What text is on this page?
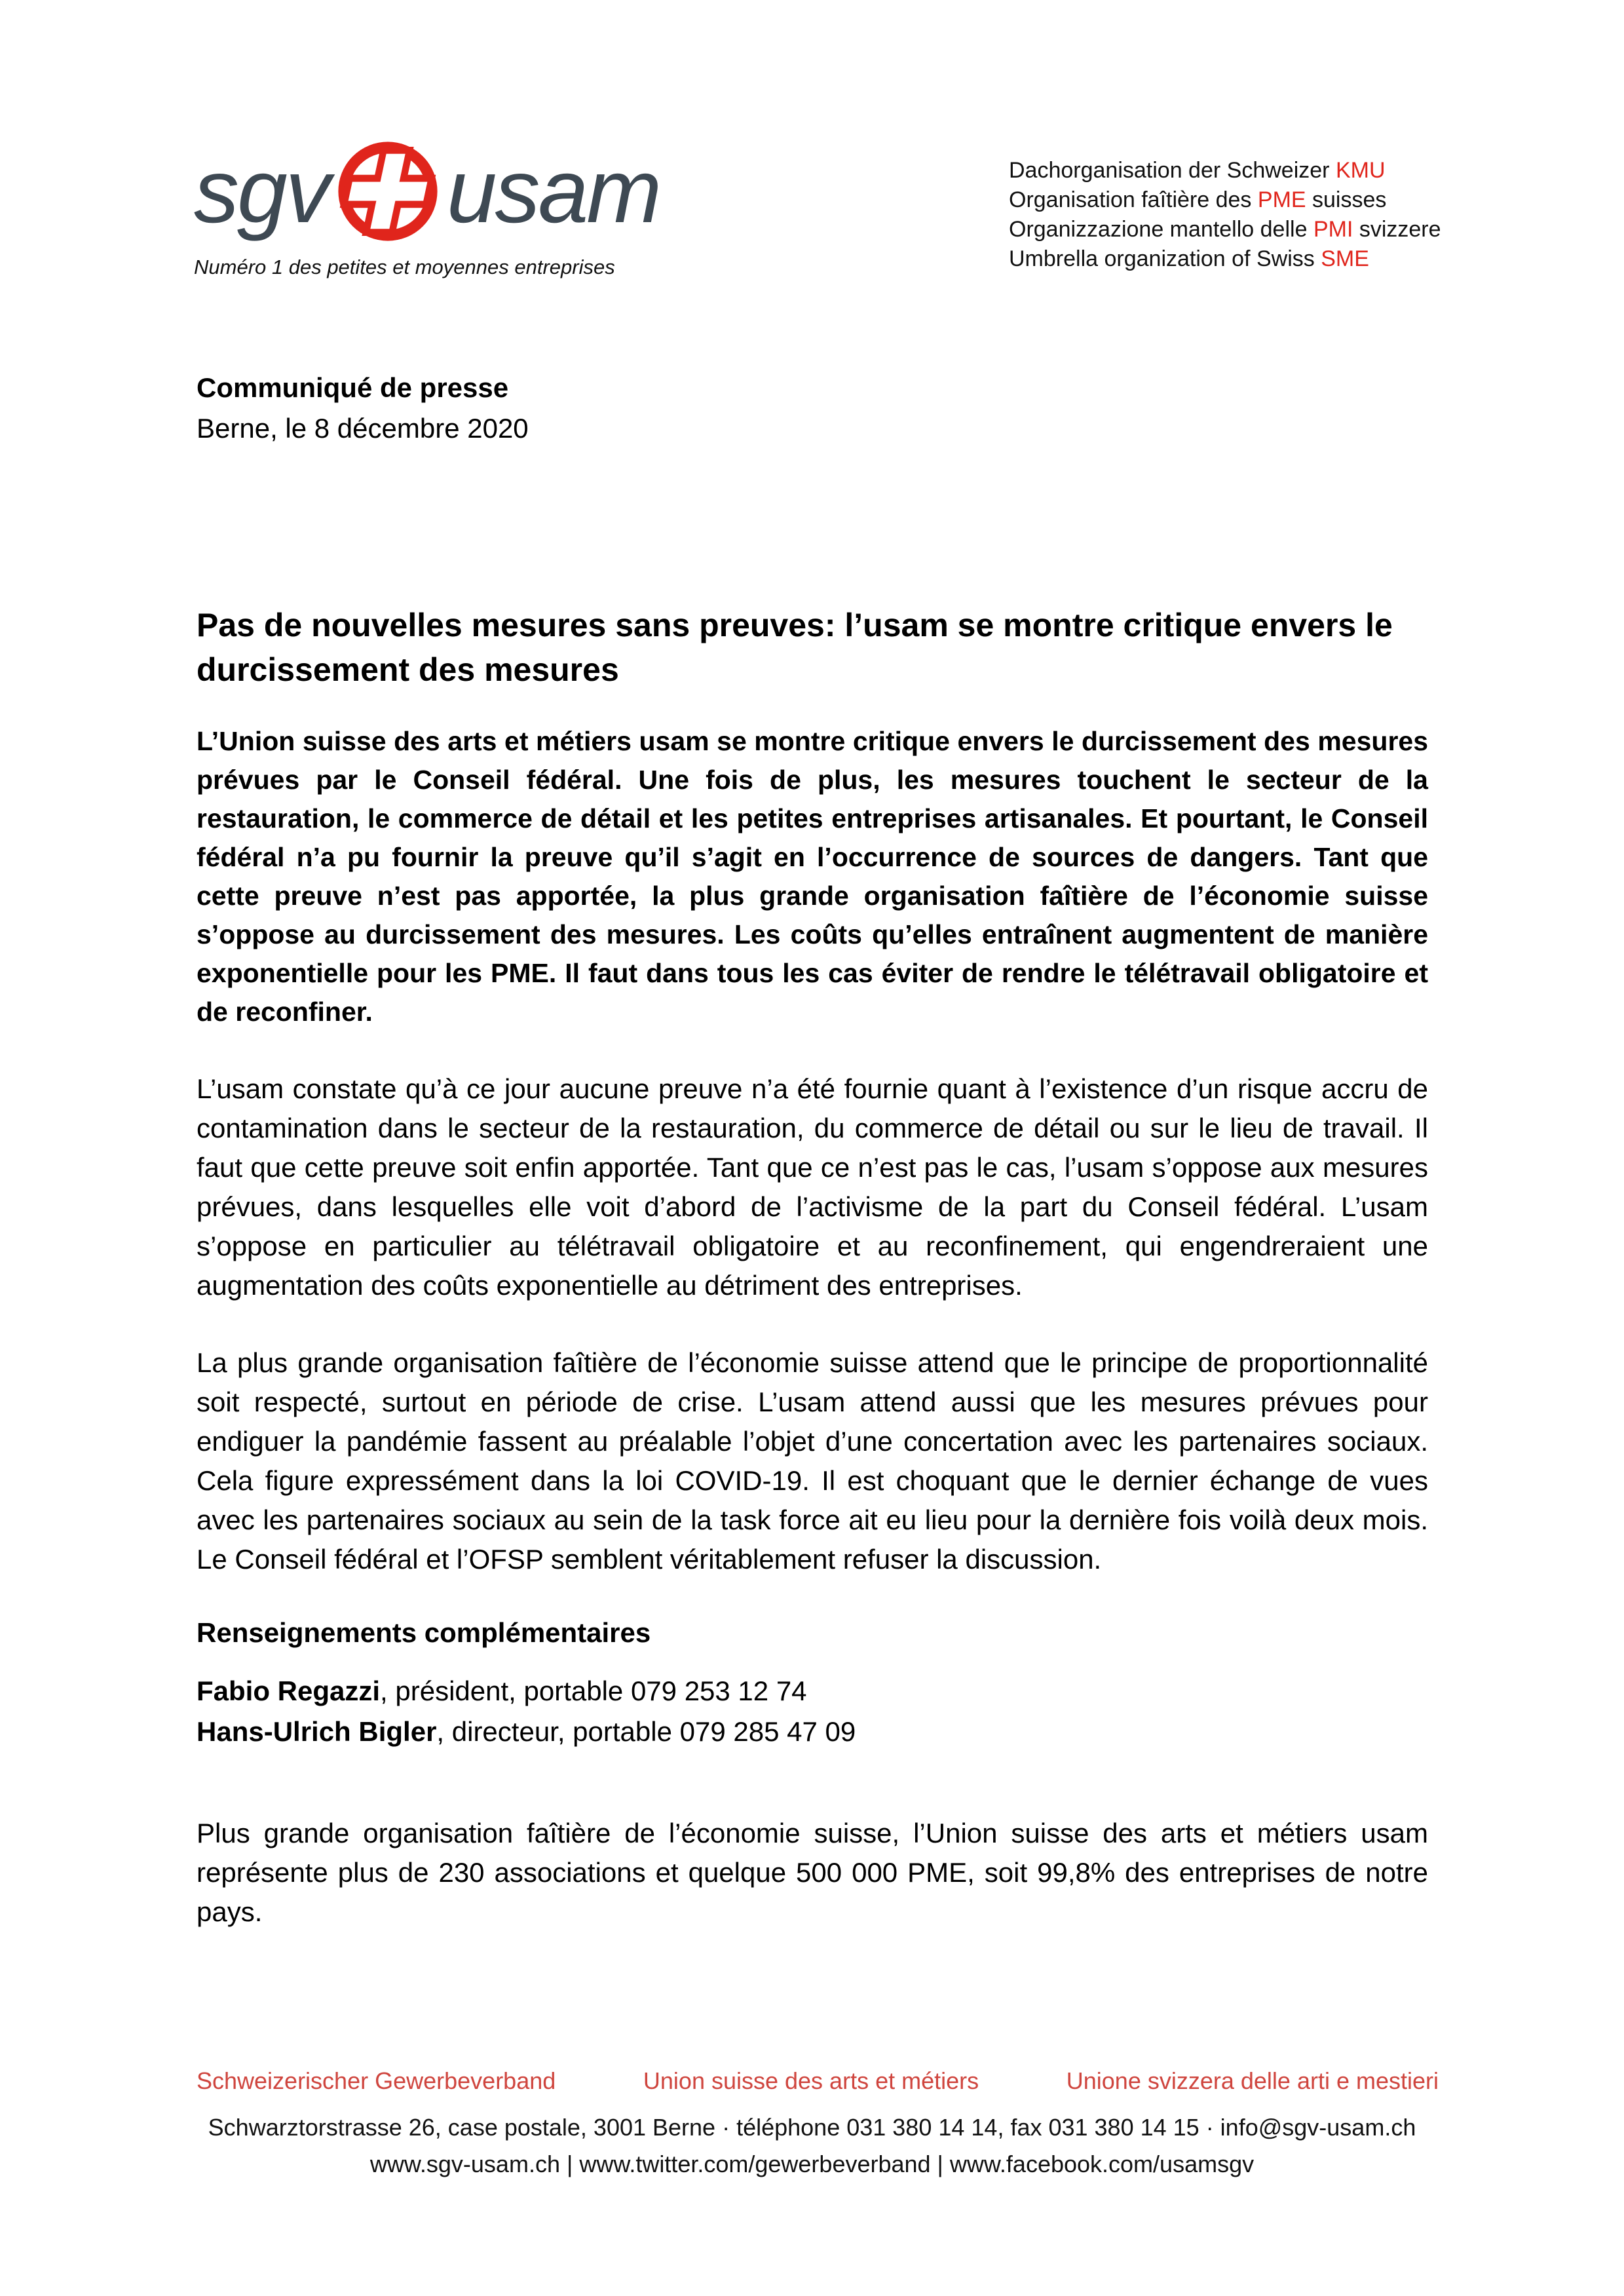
sgv usam
Numéro 1 des petites et moyennes entreprises
Dachorganisation der Schweizer KMU
Organisation faîtière des PME suisses
Organizzazione mantello delle PMI svizzere
Umbrella organization of Swiss SME
Communiqué de presse
Berne, le 8 décembre 2020
Pas de nouvelles mesures sans preuves: l’usam se montre critique envers le durcissement des mesures

L’Union suisse des arts et métiers usam se montre critique envers le durcissement des mesures prévues par le Conseil fédéral. Une fois de plus, les mesures touchent le secteur de la restauration, le commerce de détail et les petites entreprises artisanales. Et pourtant, le Conseil fédéral n’a pu fournir la preuve qu’il s’agit en l’occurrence de sources de dangers. Tant que cette preuve n’est pas apportée, la plus grande organisation faîtière de l’économie suisse s’oppose au durcissement des mesures. Les coûts qu’elles entraînent augmentent de manière exponentielle pour les PME. Il faut dans tous les cas éviter de rendre le télétravail obligatoire et de reconfiner.

L’usam constate qu’à ce jour aucune preuve n’a été fournie quant à l’existence d’un risque accru de contamination dans le secteur de la restauration, du commerce de détail ou sur le lieu de travail. Il faut que cette preuve soit enfin apportée. Tant que ce n’est pas le cas, l’usam s’oppose aux mesures prévues, dans lesquelles elle voit d’abord de l’activisme de la part du Conseil fédéral. L’usam s’oppose en particulier au télétravail obligatoire et au reconfinement, qui engendreraient une augmentation des coûts exponentielle au détriment des entreprises.

La plus grande organisation faîtière de l’économie suisse attend que le principe de proportionnalité soit respecté, surtout en période de crise. L’usam attend aussi que les mesures prévues pour endiguer la pandémie fassent au préalable l’objet d’une concertation avec les partenaires sociaux. Cela figure expressément dans la loi COVID-19. Il est choquant que le dernier échange de vues avec les partenaires sociaux au sein de la task force ait eu lieu pour la dernière fois voilà deux mois. Le Conseil fédéral et l’OFSP semblent véritablement refuser la discussion.

Renseignements complémentaires

Fabio Regazzi, président, portable 079 253 12 74

Hans-Ulrich Bigler, directeur, portable 079 285 47 09

Plus grande organisation faîtière de l’économie suisse, l’Union suisse des arts et métiers usam représente plus de 230 associations et quelque 500 000 PME, soit 99,8% des entreprises de notre pays.

Schweizerischer Gewerbeverband	Union suisse des arts et métiers	Unione svizzera delle arti e mestieri
Schwarztorstrasse 26, case postale, 3001 Berne · téléphone 031 380 14 14, fax 031 380 14 15 · info@sgv-usam.ch
www.sgv-usam.ch | www.twitter.com/gewerbeverband | www.facebook.com/usamsgv
